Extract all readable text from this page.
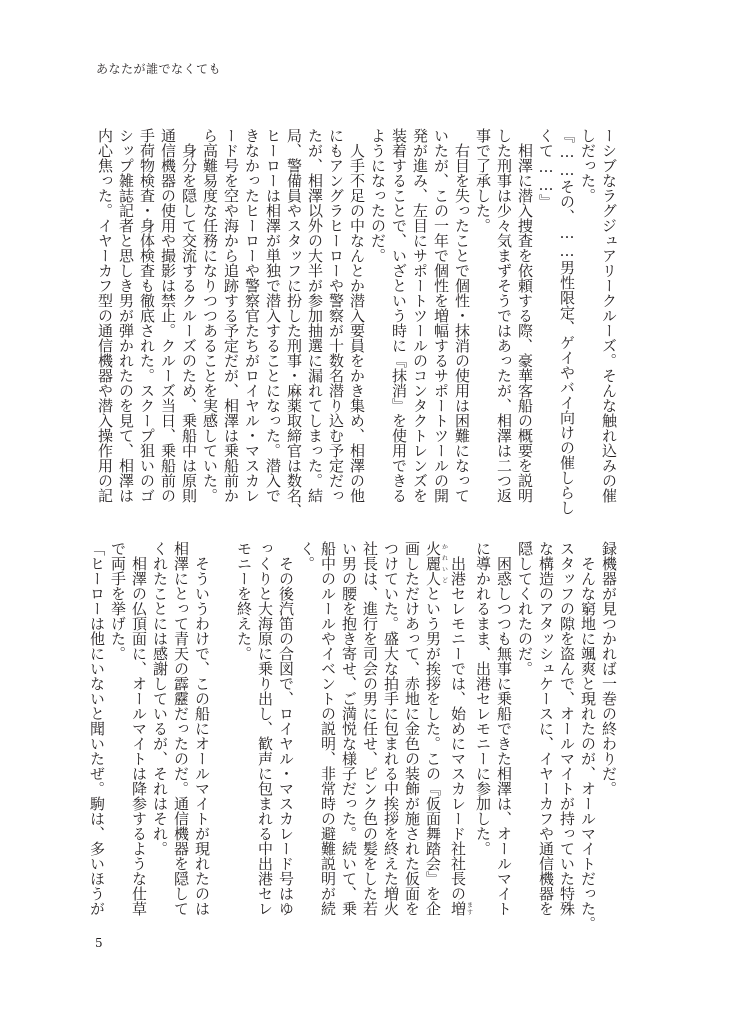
あなたが誰でなくても
ーシブなラグジュアリークルーズ。そんな触れ込みの催
しだった。
『……その、……男性限定、ゲイやバイ向けの催しらし
くて……』
　相澤に潜入捜査を依頼する際、豪華客船の概要を説明
した刑事は少々気まずそうではあったが、相澤は二つ返
事で了承した。
　右目を失ったことで個性・抹消の使用は困難になって
いたが、この一年で個性を増幅するサポートツールの開
発が進み、左目にサポートツールのコンタクトレンズを
装着することで、いざという時に『抹消』を使用できる
ようになったのだ。
　人手不足の中なんとか潜入要員をかき集め、相澤の他
にもアングラヒーローや警察が十数名潜り込む予定だっ
たが、相澤以外の大半が参加抽選に漏れてしまった。結
局、警備員やスタッフに扮した刑事・麻薬取締官は数名、
ヒーローは相澤が単独で潜入することになった。潜入で
きなかったヒーローや警察官たちがロイヤル・マスカレ
ード号を空や海から追跡する予定だが、相澤は乗船前か
ら高難易度な任務になりつつあることを実感していた。
　身分を隠して交流するクルーズのため、乗船中は原則
通信機器の使用や撮影は禁止。クルーズ当日、乗船前の
手荷物検査・身体検査も徹底された。スクープ狙いのゴ
シップ雑誌記者と思しき男が弾かれたのを見て、相澤は
内心焦った。イヤーカフ型の通信機器や潜入操作用の記
録機器が見つかれば一巻の終わりだ。
　そんな窮地に颯爽と現れたのが、オールマイトだった。
スタッフの隙を盗んで、オールマイトが持っていた特殊
な構造のアタッシュケースに、イヤーカフや通信機器を
隠してくれたのだ。
　困惑しつつも無事に乗船できた相澤は、オールマイト
に導かれるまま、出港セレモニーに参加した。
　出港セレモニーでは、始めにマスカレード社社長の増ます
火麗人かれいどという男が挨拶をした。この『仮面舞踏会』を企
画しただけあって、赤地に金色の装飾が施された仮面を
つけていた。盛大な拍手に包まれる中挨拶を終えた増火
社長は、進行を司会の男に任せ、ピンク色の髪をした若
い男の腰を抱き寄せ、ご満悦な様子だった。続いて、乗
船中のルールやイベントの説明、非常時の避難説明が続
く。
　その後汽笛の合図で、ロイヤル・マスカレード号はゆ
っくりと大海原に乗り出し、歓声に包まれる中出港セレ
モニーを終えた。

　そういうわけで、この船にオールマイトが現れたのは
相澤にとって青天の霹靂だったのだ。通信機器を隠して
くれたことには感謝しているが、それはそれ。
　相澤の仏頂面に、オールマイトは降参するような仕草
で両手を挙げた。
「ヒーローは他にいないと聞いたぜ。駒は、多いほうが
5
